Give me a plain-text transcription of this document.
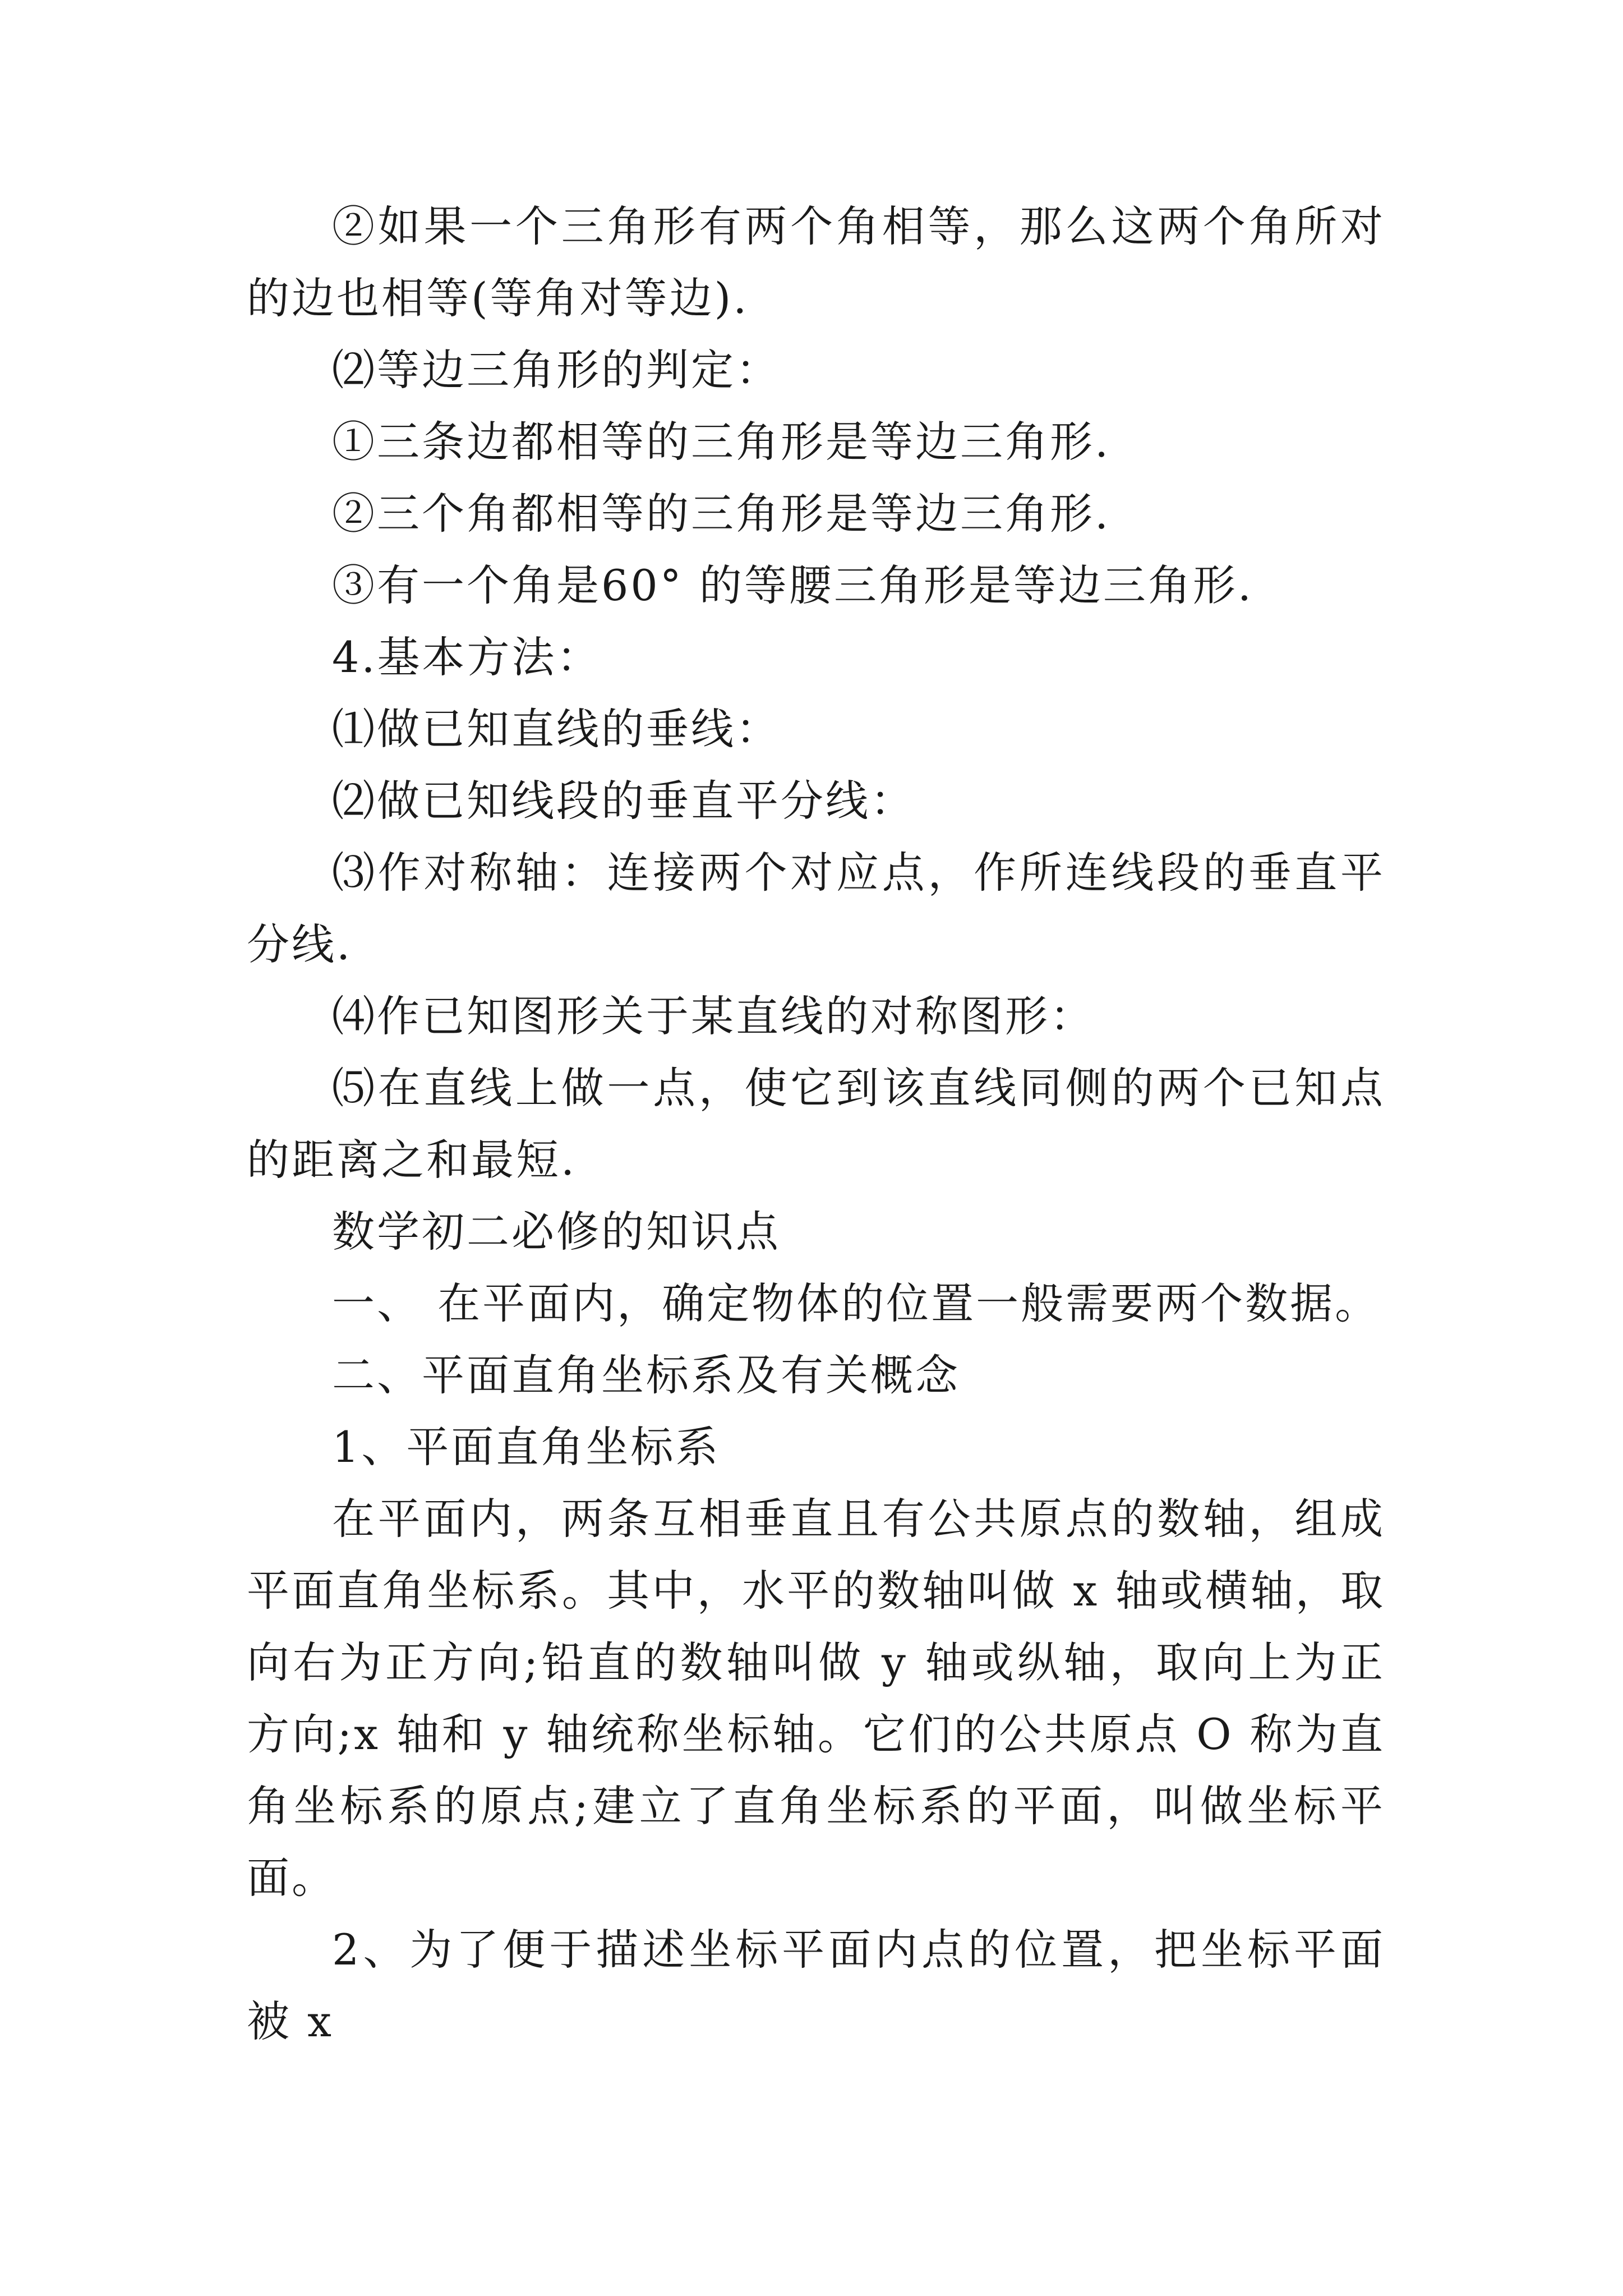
②如果一个三角形有两个角相等，那么这两个角所对的边也相等(等角对等边).

⑵等边三角形的判定：

①三条边都相等的三角形是等边三角形.

②三个角都相等的三角形是等边三角形.

③有一个角是60° 的等腰三角形是等边三角形.

4.基本方法：

⑴做已知直线的垂线：

⑵做已知线段的垂直平分线：

⑶作对称轴：连接两个对应点，作所连线段的垂直平分线.

⑷作已知图形关于某直线的对称图形：

⑸在直线上做一点，使它到该直线同侧的两个已知点的距离之和最短.

数学初二必修的知识点

一、 在平面内，确定物体的位置一般需要两个数据。

二、平面直角坐标系及有关概念

1、平面直角坐标系

在平面内，两条互相垂直且有公共原点的数轴，组成平面直角坐标系。其中，水平的数轴叫做 x 轴或横轴，取向右为正方向;铅直的数轴叫做 y 轴或纵轴，取向上为正方向;x 轴和 y 轴统称坐标轴。它们的公共原点 O 称为直角坐标系的原点;建立了直角坐标系的平面，叫做坐标平面。

2、为了便于描述坐标平面内点的位置，把坐标平面被 x
